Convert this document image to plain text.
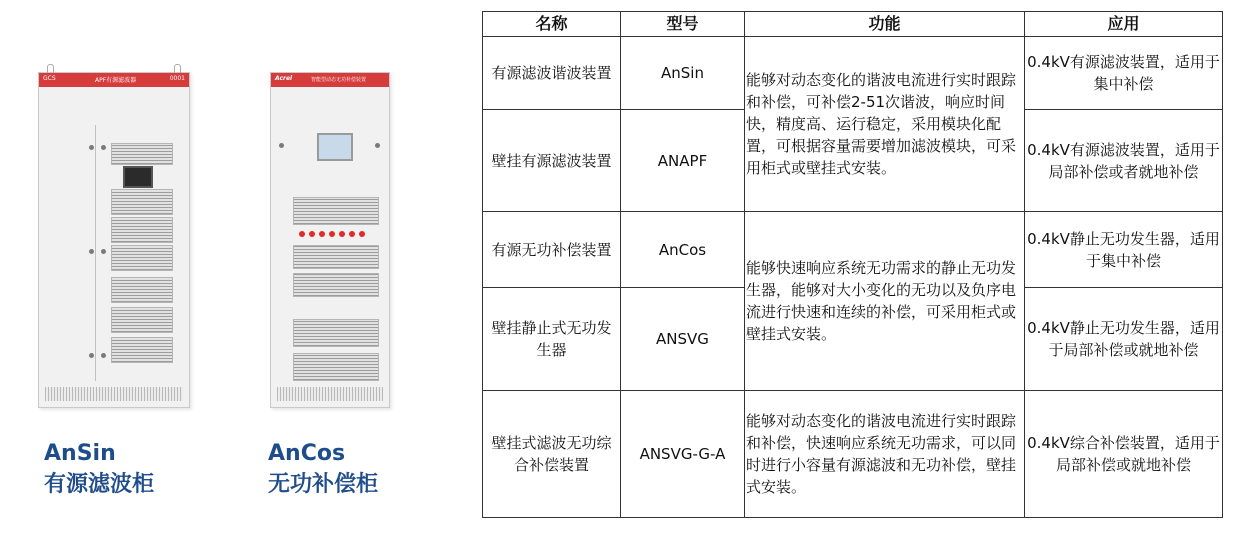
GCS	APF有源滤波器	0001	Acrel	智能型动态无功补偿装置
AnSin
有源滤波柜
AnCos
无功补偿柜
名称	型号	功能	应用
有源滤波谐波装置	AnSin	能够对动态变化的谐波电流进行实时跟踪和补偿，可补偿2-51次谐波，响应时间快，精度高、运行稳定，采用模块化配置，可根据容量需要增加滤波模块，可采用柜式或壁挂式安装。	0.4kV有源滤波装置，适用于集中补偿
壁挂有源滤波装置	ANAPF		0.4kV有源滤波装置，适用于局部补偿或者就地补偿
有源无功补偿装置	AnCos	能够快速响应系统无功需求的静止无功发生器，能够对大小变化的无功以及负序电流进行快速和连续的补偿，可采用柜式或壁挂式安装。	0.4kV静止无功发生器，适用于集中补偿
壁挂静止式无功发生器	ANSVG		0.4kV静止无功发生器，适用于局部补偿或就地补偿
壁挂式滤波无功综合补偿装置	ANSVG-G-A	能够对动态变化的谐波电流进行实时跟踪和补偿，快速响应系统无功需求，可以同时进行小容量有源滤波和无功补偿，壁挂式安装。	0.4kV综合补偿装置，适用于局部补偿或就地补偿
